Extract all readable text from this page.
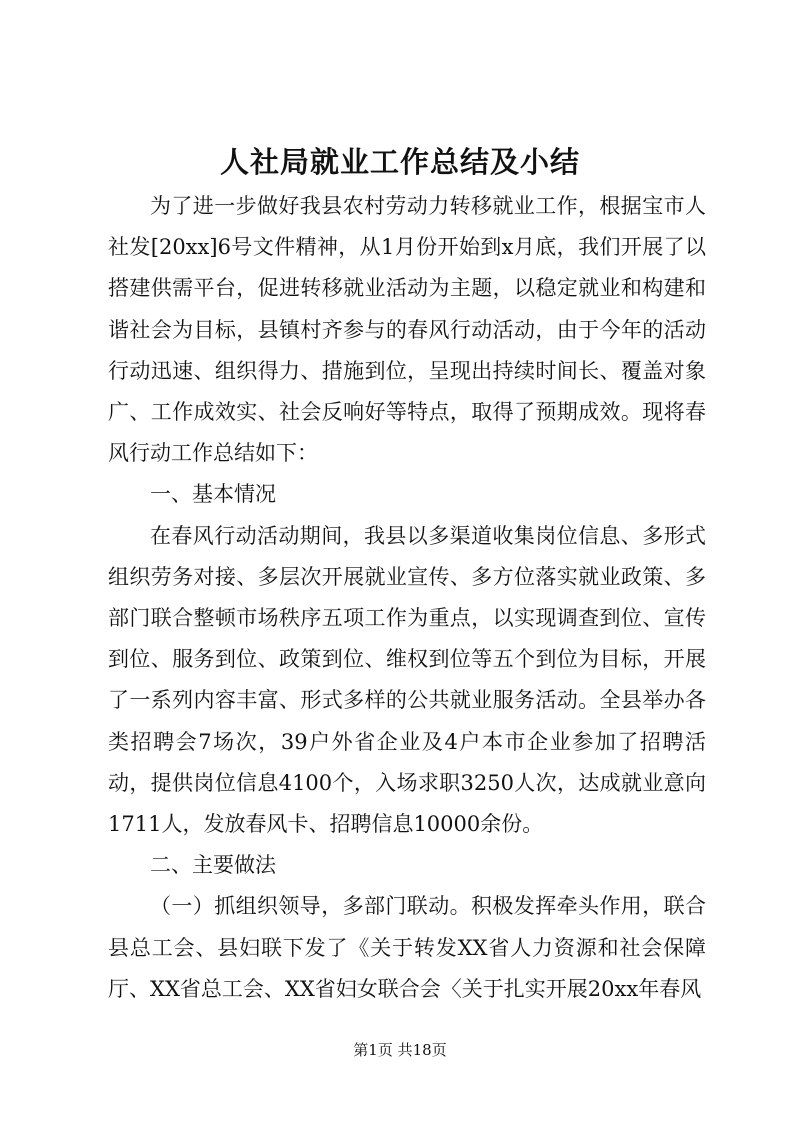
人社局就业工作总结及小结

为了进一步做好我县农村劳动力转移就业工作，根据宝市人社发[20xx]6号文件精神，从1月份开始到x月底，我们开展了以搭建供需平台，促进转移就业活动为主题，以稳定就业和构建和谐社会为目标，县镇村齐参与的春风行动活动，由于今年的活动行动迅速、组织得力、措施到位，呈现出持续时间长、覆盖对象广、工作成效实、社会反响好等特点，取得了预期成效。现将春风行动工作总结如下：

一、基本情况

在春风行动活动期间，我县以多渠道收集岗位信息、多形式组织劳务对接、多层次开展就业宣传、多方位落实就业政策、多部门联合整顿市场秩序五项工作为重点，以实现调查到位、宣传到位、服务到位、政策到位、维权到位等五个到位为目标，开展了一系列内容丰富、形式多样的公共就业服务活动。全县举办各类招聘会7场次，39户外省企业及4户本市企业参加了招聘活动，提供岗位信息4100个，入场求职3250人次，达成就业意向1711人，发放春风卡、招聘信息10000余份。

二、主要做法

（一）抓组织领导，多部门联动。积极发挥牵头作用，联合县总工会、县妇联下发了《关于转发XX省人力资源和社会保障厅、XX省总工会、XX省妇女联合会〈关于扎实开展20xx年春风

第1页 共18页
